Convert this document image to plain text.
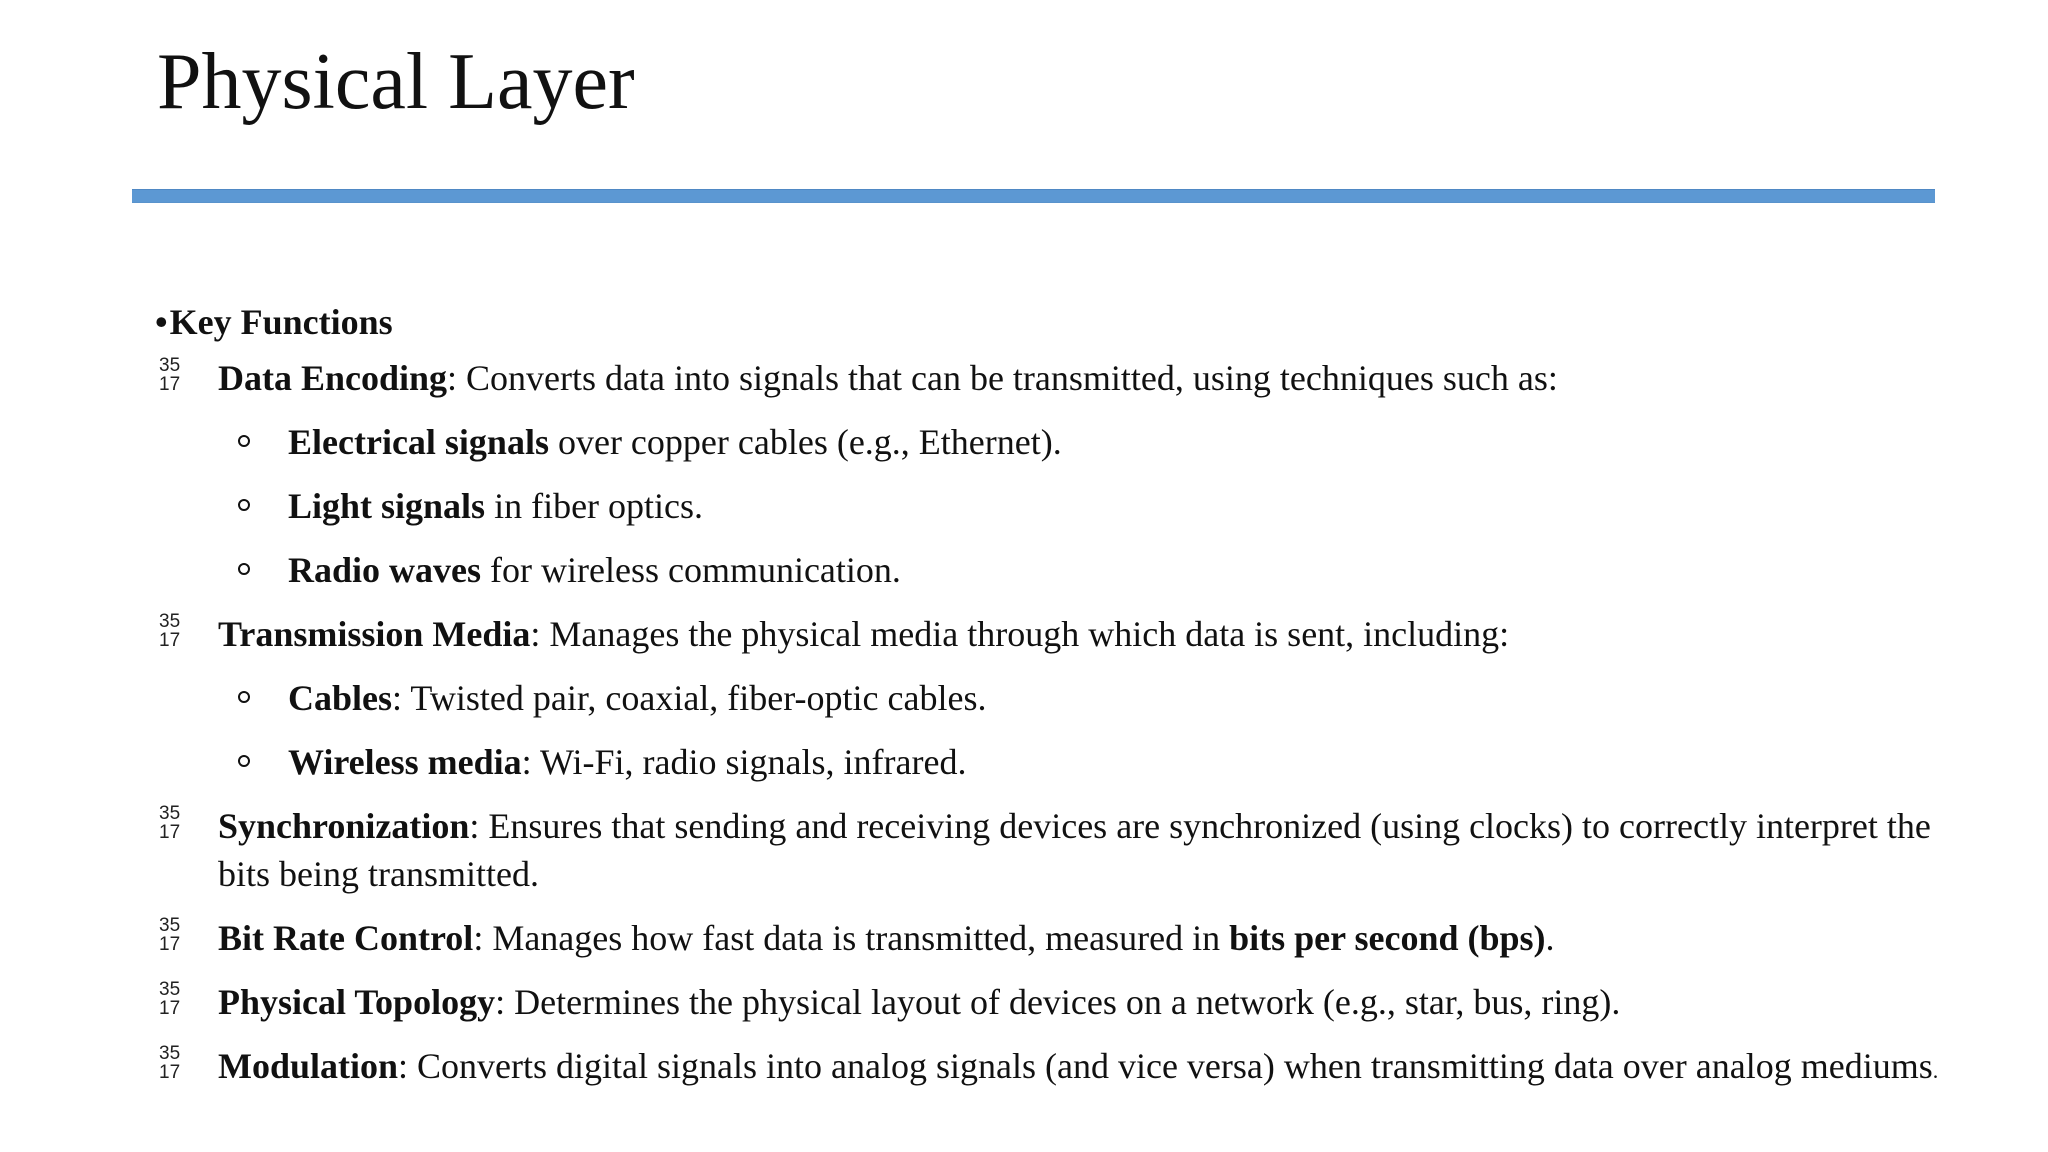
Physical Layer
• Key Functions
35
17 Data Encoding: Converts data into signals that can be transmitted, using techniques such as:
Electrical signals over copper cables (e.g., Ethernet).
Light signals in fiber optics.
Radio waves for wireless communication.
35
17 Transmission Media: Manages the physical media through which data is sent, including:
Cables: Twisted pair, coaxial, fiber-optic cables.
Wireless media: Wi-Fi, radio signals, infrared.
35
17 Synchronization: Ensures that sending and receiving devices are synchronized (using clocks) to correctly interpret the bits being transmitted.
35
17 Bit Rate Control: Manages how fast data is transmitted, measured in bits per second (bps).
35
17 Physical Topology: Determines the physical layout of devices on a network (e.g., star, bus, ring).
35
17 Modulation: Converts digital signals into analog signals (and vice versa) when transmitting data over analog mediums.
